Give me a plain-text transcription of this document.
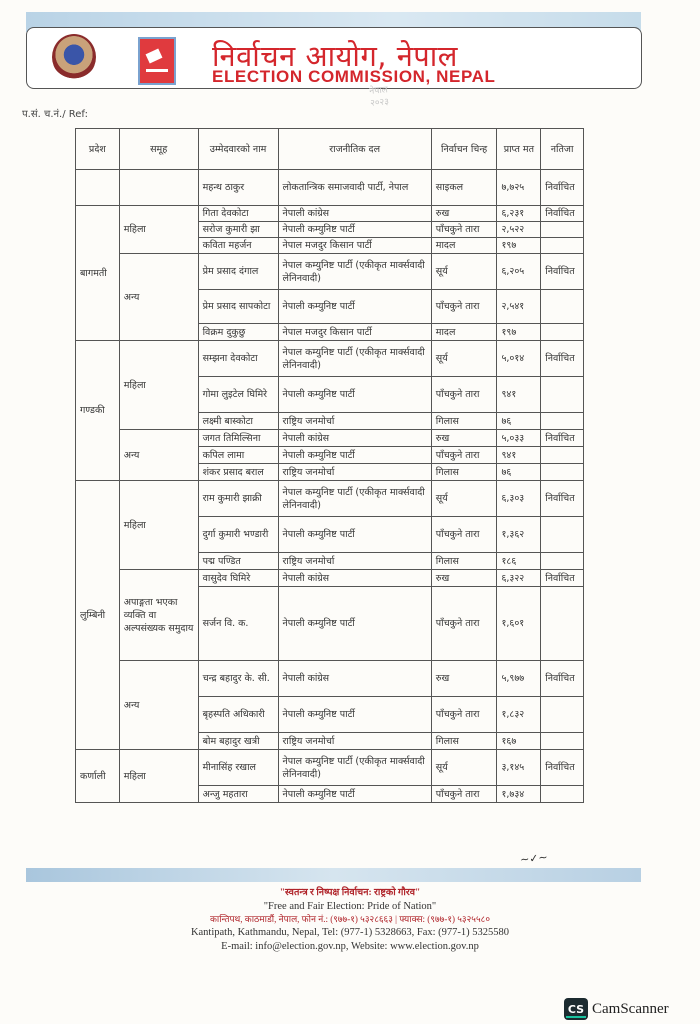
निर्वाचन आयोग, नेपाल
ELECTION COMMISSION, NEPAL
प.सं. च.नं./ Ref:
नेपाल
२०२३
प्रदेश	समूह	उम्मेदवारको नाम	राजनीतिक दल	निर्वाचन चिन्ह	प्राप्त मत	नतिजा
		महन्थ ठाकुर	लोकतान्त्रिक समाजवादी पार्टी, नेपाल	साइकल	७,७२५	निर्वाचित
बागमती	महिला	गिता देवकोटा	नेपाली कांग्रेस	रुख	६,२३१	निर्वाचित
		सरोज कुमारी झा	नेपाली कम्युनिष्ट पार्टी	पाँचकुने तारा	२,५२२	
		कविता महर्जन	नेपाल मजदुर किसान पार्टी	मादल	१९७	
	अन्य	प्रेम प्रसाद दंगाल	नेपाल कम्युनिष्ट पार्टी (एकीकृत मार्क्सवादी लेनिनवादी)	सूर्य	६,२०५	निर्वाचित
		प्रेम प्रसाद सापकोटा	नेपाली कम्युनिष्ट पार्टी	पाँचकुने तारा	२,५४१	
		विक्रम दुकुछु	नेपाल मजदुर किसान पार्टी	मादल	१९७	
गण्डकी	महिला	सम्झना देवकोटा	नेपाल कम्युनिष्ट पार्टी (एकीकृत मार्क्सवादी लेनिनवादी)	सूर्य	५,०१४	निर्वाचित
		गोमा लुइटेल घिमिरे	नेपाली कम्युनिष्ट पार्टी	पाँचकुने तारा	९४१	
		लक्ष्मी बास्कोटा	राष्ट्रिय जनमोर्चा	गिलास	७६	
	अन्य	जगत तिमिल्सिना	नेपाली कांग्रेस	रुख	५,०३३	निर्वाचित
		कपिल लामा	नेपाली कम्युनिष्ट पार्टी	पाँचकुने तारा	९४१	
		शंकर प्रसाद बराल	राष्ट्रिय जनमोर्चा	गिलास	७६	
लुम्बिनी	महिला	राम कुमारी झाक्री	नेपाल कम्युनिष्ट पार्टी (एकीकृत मार्क्सवादी लेनिनवादी)	सूर्य	६,३०३	निर्वाचित
		दुर्गा कुमारी भण्डारी	नेपाली कम्युनिष्ट पार्टी	पाँचकुने तारा	१,३६२	
		पद्म पण्डित	राष्ट्रिय जनमोर्चा	गिलास	१८६	
	अपाङ्गता भएका व्यक्ति वा अल्पसंख्यक समुदाय	वासुदेव घिमिरे	नेपाली कांग्रेस	रुख	६,३२२	निर्वाचित
		सर्जन वि. क.	नेपाली कम्युनिष्ट पार्टी	पाँचकुने तारा	१,६०१	
	अन्य	चन्द्र बहादुर के. सी.	नेपाली कांग्रेस	रुख	५,९७७	निर्वाचित
		बृहस्पति अधिकारी	नेपाली कम्युनिष्ट पार्टी	पाँचकुने तारा	१,८३२	
		बोम बहादुर खत्री	राष्ट्रिय जनमोर्चा	गिलास	१६७	
कर्णाली	महिला	मीनासिंह रखाल	नेपाल कम्युनिष्ट पार्टी (एकीकृत मार्क्सवादी लेनिनवादी)	सूर्य	३,१४५	निर्वाचित
		अन्जु महतारा	नेपाली कम्युनिष्ट पार्टी	पाँचकुने तारा	१,७३४	
~✓~
"स्वतन्त्र र निष्पक्ष निर्वाचन: राष्ट्रको गौरव"
"Free and Fair Election: Pride of Nation"
कान्तिपथ, काठमाडौं, नेपाल, फोन नं.: (९७७-१) ५३२८६६३ | फ्याक्स: (९७७-१) ५३२५५८०
Kantipath, Kathmandu, Nepal, Tel: (977-1) 5328663, Fax: (977-1) 5325580
E-mail: info@election.gov.np, Website: www.election.gov.np
CS CamScanner
